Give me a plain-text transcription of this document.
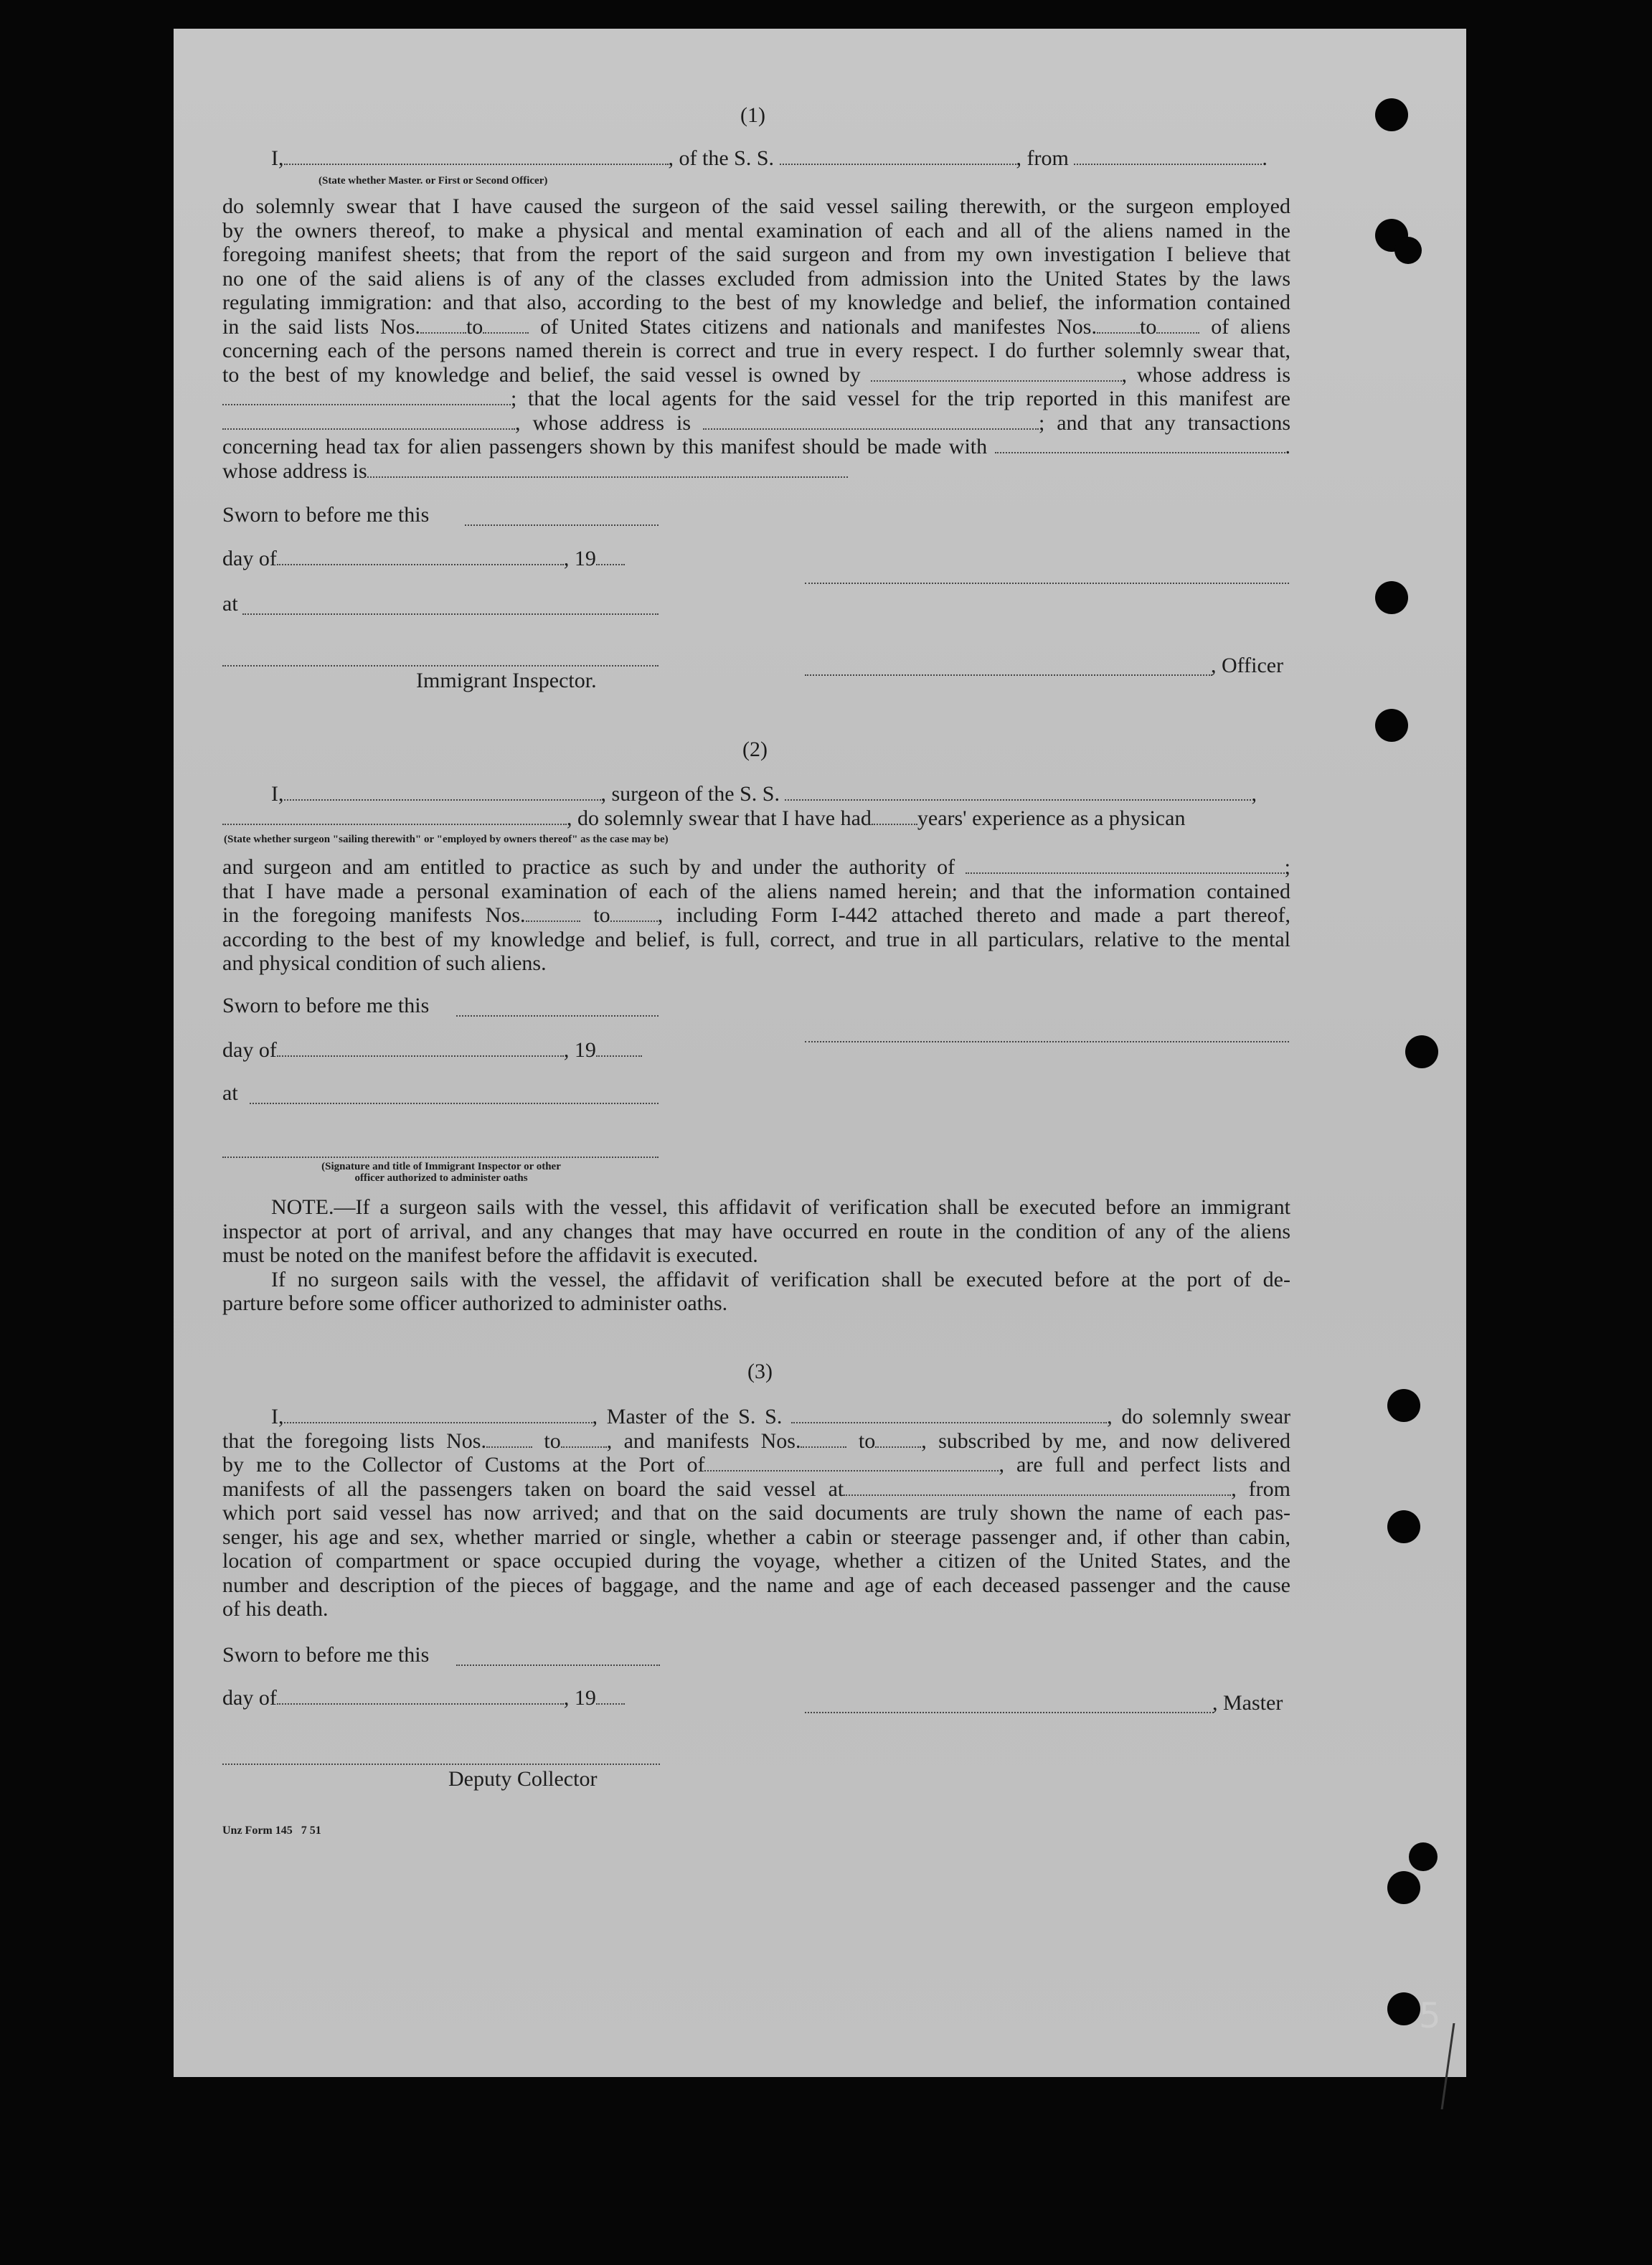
5
(1)
I,	, of the S. S.	, from	.
(State whether Master. or First or Second Officer)
do solemnly swear that I have caused the surgeon of the said vessel sailing therewith, or the surgeon employed
by the owners thereof, to make a physical and mental examination of each and all of the aliens named in the
foregoing manifest sheets; that from the report of the said surgeon and from my own investigation I believe that
no one of the said aliens is of any of the classes excluded from admission into the United States by the laws
regulating immigration: and that also, according to the best of my knowledge and belief, the information contained
in the said lists Nos. to	of United States citizens and nationals and manifestes Nos. to	of aliens
concerning each of the persons named therein is correct and true in every respect. I do further solemnly swear that,
to the best of my knowledge and belief, the said vessel is owned by	, whose address is
; that the local agents for the said vessel for the trip reported in this manifest are
, whose address is	; and that any transactions
concerning head tax for alien passengers shown by this manifest should be made with	.
whose address is
Sworn to before me this
day of	, 19
at
Immigrant Inspector.
, Officer
(2)
I,	, surgeon of the S. S.	,
, do solemnly swear that I have had years' experience as a physican
(State whether surgeon "sailing therewith" or "employed by owners thereof" as the case may be)
and surgeon and am entitled to practice as such by and under the authority of	;
that I have made a personal examination of each of the aliens named herein; and that the information contained
in the foregoing manifests Nos.	to , including Form I-442 attached thereto and made a part thereof,
according to the best of my knowledge and belief, is full, correct, and true in all particulars, relative to the mental
and physical condition of such aliens.
Sworn to before me this
day of	, 19
at
(Signature and title of Immigrant Inspector or other
officer authorized to administer oaths
NOTE.—If a surgeon sails with the vessel, this affidavit of verification shall be executed before an immigrant
inspector at port of arrival, and any changes that may have occurred en route in the condition of any of the aliens
must be noted on the manifest before the affidavit is executed.
If no surgeon sails with the vessel, the affidavit of verification shall be executed before at the port of de-
parture before some officer authorized to administer oaths.
(3)
I,	, Master of the S. S.	, do solemnly swear
that the foregoing lists Nos.	to , and manifests Nos.	to , subscribed by me, and now delivered
by me to the Collector of Customs at the Port of	, are full and perfect lists and
manifests of all the passengers taken on board the said vessel at	, from
which port said vessel has now arrived; and that on the said documents are truly shown the name of each pas-
senger, his age and sex, whether married or single, whether a cabin or steerage passenger and, if other than cabin,
location of compartment or space occupied during the voyage, whether a citizen of the United States, and the
number and description of the pieces of baggage, and the name and age of each deceased passenger and the cause
of his death.
Sworn to before me this
day of	, 19	, Master
Deputy Collector
Unz Form 145   7 51
